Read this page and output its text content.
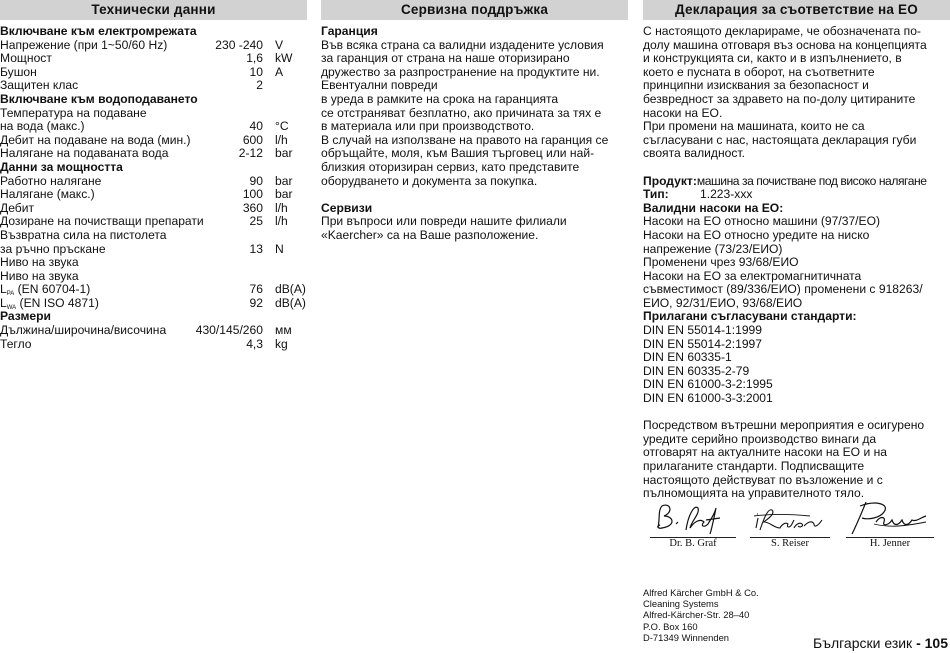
Технически данни
Включване към електромрежата
Напрежение (при 1~50/60 Hz)	230 -240 V
Мощност	1,6 kW
Бушон	10 A
Защитен клас	2
Включване към водоподаването
Температура на подаване
на вода (макс.)	40 °C
Дебит на подаване на вода (мин.)	600 l/h
Налягане на подаваната вода	2-12 bar
Данни за мощността
Работно налягане	90 bar
Налягане (макс.)	100 bar
Дебит	360 l/h
Дозиране на почистващи препарати	25 l/h
Възвратна сила на пистолета
за ръчно пръскане	13 N
Ниво на звука
Ниво на звука
$L_{PA}$ (EN 60704-1)	76 dB(A)
$L_{WA}$ (EN ISO 4871)	92 dB(A)
Размери
Дължина/широчина/височина 430/145/260 мм
Тегло	4,3 kg
Сервизна поддръжка
Гаранция
Във всяка страна са валидни издадените условия
за гаранция от страна на наше оторизирано
дружество за разпространение на продуктите ни.
Евентуални повреди
в уреда в рамките на срока на гаранцията
се отстраняват безплатно, ако причината за тях е
в материала или при производството.
В случай на използване на правото на гаранция се
обръщайте, моля, към Вашия търговец или най-
близкия оторизиран сервиз, като представите
оборудването и документа за покупка.
Сервизи
При въпроси или повреди нашите филиали
«Kaercher» са на Ваше разположение.
Декларация за съответствие на ЕО
С настоящото декларираме, че обозначената по-
долу машина отговаря въз основа на концепцията
и конструкцията си, както и в изпълнението, в
което е пусната в оборот, на съответните
принципни изисквания за безопасност и
безвредност за здравето на по-долу цитираните
насоки на ЕО.
При промени на машината, които не са
съгласувани с нас, настоящата декларация губи
своята валидност.
Продукт:машина за почистване под високо налягане
Тип:	1.223-xxx
Валидни насоки на ЕО:
Насоки на ЕО относно машини (97/37/ЕО)
Насоки на ЕО относно уредите на ниско
напрежение (73/23/ЕИО)
Променени чрез 93/68/ЕИО
Насоки на ЕО за електромагнитичната
съвместимост (89/336/ЕИО) променени с 918263/
ЕИО, 92/31/ЕИО, 93/68/ЕИО
Прилагани съгласувани стандарти:
DIN EN 55014-1:1999
DIN EN 55014-2:1997
DIN EN 60335-1
DIN EN 60335-2-79
DIN EN 61000-3-2:1995
DIN EN 61000-3-3:2001
Посредством вътрешни мероприятия е осигурено
уредите серийно производство винаги да
отговарят на актуалните насоки на ЕО и на
прилаганите стандарти. Подписващите
настоящото действуват по възложение и с
пълномощията на управителното тяло.
Dr. B. Graf	S. Reiser	H. Jenner
Alfred Kärcher GmbH & Co.
Cleaning Systems
Alfred-Kärcher-Str. 28–40
P.O. Box 160
D-71349 Winnenden	Български език - 105
